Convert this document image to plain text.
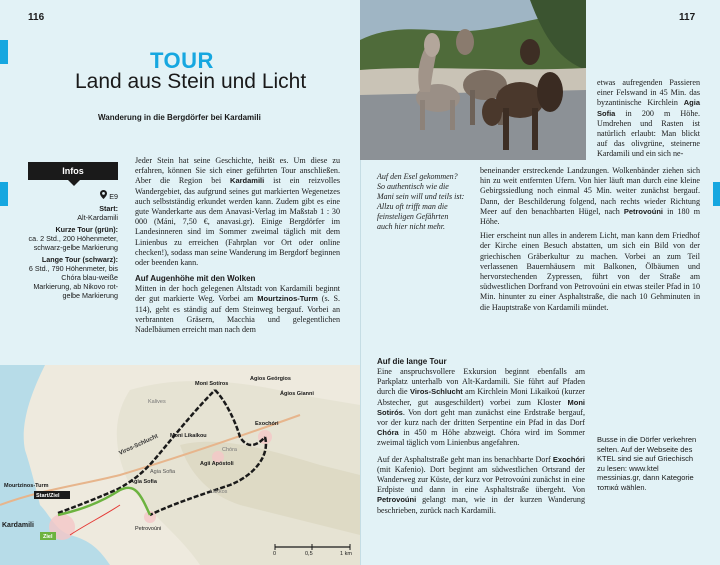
116
TOUR
Land aus Stein und Licht
Wanderung in die Bergdörfer bei Kardamili
Infos

E9

Start:
Alt-Kardamili

Kurze Tour (grün):
ca. 2 Std., 200 Höhenmeter, schwarz-gelbe Markierung

Lange Tour (schwarz):
6 Std., 790 Höhenmeter, bis Chóra blau-weiße Markierung, ab Nikovo rot-gelbe Markierung

Jeder Stein hat seine Geschichte, heißt es. Um diese zu erfahren, können Sie sich einer geführten Tour anschließen. Aber die Region bei Kardamili ist ein reizvolles Wandergebiet, das aufgrund seines gut markierten Wegenetzes auch selbstständig erkundet werden kann. Zudem gibt es eine gute Wanderkarte aus dem Anavasi-Verlag im Maßstab 1 : 30 000 (Máni, 7,50 €, anavasi.gr). Einige Bergdörfer im Landesinneren sind im Sommer zweimal täglich mit dem Linienbus zu erreichen (Fahrplan vor Ort oder online checken!), sodass man seine Wanderung im Bergdorf beginnen oder beenden kann.

Auf Augenhöhe mit den Wolken

Mitten in der hoch gelegenen Altstadt von Kardamili beginnt der gut markierte Weg. Vorbei am Mourtzinos-Turm (s. S. 114), geht es ständig auf dem Steinweg bergauf. Vorbei an verbrannten Gräsern, Macchia und gelegentlichen Nadelbäumen erreicht man nach dem

Kalives
Moni Sotíros
Agios Geórgios
Ágios Gianni
Viros-Schlucht Moni Likaíkou
Exochóri
Chóra
Agia Sofia
Agii Apóstoli
Agia Sofia
Mourtzinos-Turm
Start/Ziel
Kardamili	Petrovoúni
Lákkos
Ziel
0	0,5	1 km
117
Auf den Esel gekommen? So authentisch wie die Mani sein will und teils ist: Allzu oft trifft man die feinsteligen Gefährten auch hier nicht mehr.

etwas aufregenden Passieren einer Felswand in 45 Min. das byzantinische Kirchlein Agia Sofia in 200 m Höhe. Umdrehen und Rasten ist natürlich erlaubt: Man blickt auf das olivgrüne, steinerne Kardamili und ein sich ne-

beneinander erstreckende Landzungen. Wolkenbänder ziehen sich hin zu weit entfernten Ufern. Von hier läuft man durch eine kleine Gebirgssiedlung noch einmal 45 Min. weiter zunächst bergauf. Dann, der Beschilderung folgend, nach rechts wieder Richtung Meer auf den benachbarten Hügel, nach Petrovoúni in 180 m Höhe.

Hier erscheint nun alles in anderem Licht, man kann dem Friedhof der Kirche einen Besuch abstatten, um sich ein Bild von der griechischen Gräberkultur zu machen. Vorbei an zum Teil verlassenen Bauernhäusern mit Balkonen, Ölbäumen und hervorstechenden Zypressen, führt von der Straße am südwestlichen Dorfrand von Petrovoúni ein etwas steiler Pfad in 10 Min. hinunter zu einer Asphaltstraße, die nach 10 Gehminuten in die Hauptstraße von Kardamili mündet.

Auf die lange Tour

Eine anspruchsvollere Exkursion beginnt ebenfalls am Parkplatz unterhalb von Alt-Kardamili. Sie führt auf Pfaden durch die Viros-Schlucht am Kirchlein Moni Likaikoú (kurzer Abstecher, gut ausgeschildert) vorbei zum Kloster Moni Sotirós. Von dort geht man zunächst eine Erdstraße bergauf, vor der kurz nach der dritten Serpentine ein Pfad in das Dorf Chóra in 450 m Höhe abzweigt. Chóra wird im Sommer zweimal täglich vom Linienbus angefahren.

Auf der Asphaltstraße geht man ins benachbarte Dorf Exochóri (mit Kafenio). Dort beginnt am südwestlichen Ortsrand der Wanderweg zur Küste, der kurz vor Petrovoúni zunächst in eine Erdpiste und dann in eine Asphaltstraße übergeht. Von Petrovoúni gelangt man, wie in der kurzen Wanderung beschrieben, zurück nach Kardamili.

Busse in die Dörfer verkehren selten. Auf der Webseite des KTEL sind sie auf Griechisch zu lesen: www.ktel messinias.gr, dann Kategorie τοπικά wählen.
